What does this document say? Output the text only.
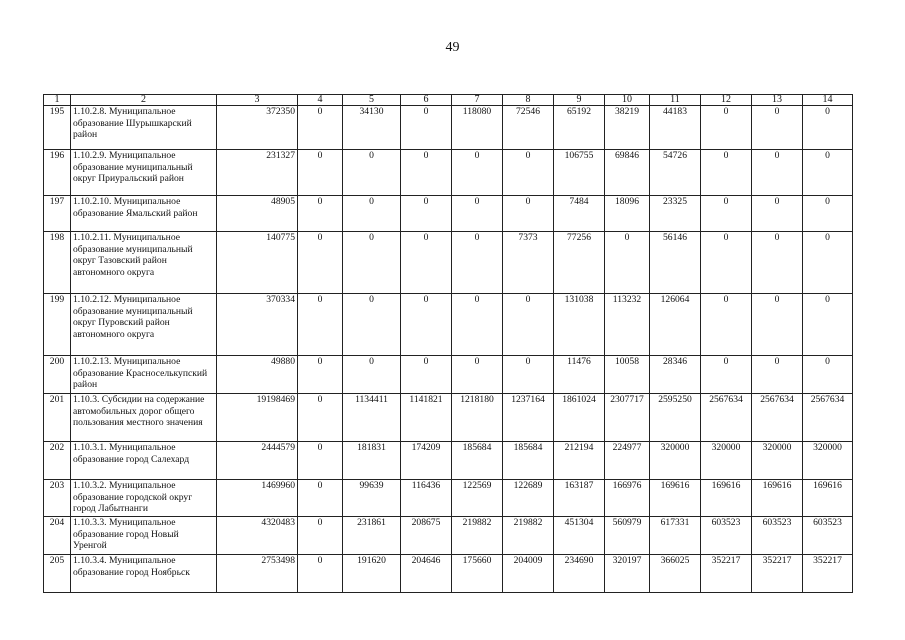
49
1	2	3	4	5	6	7	8	9	10	11	12	13	14
195	1.10.2.8. Муниципальное образование Шурышкарский район	372350	0	34130	0	118080	72546	65192	38219	44183	0	0	0
196	1.10.2.9. Муниципальное образование муниципальный округ Приуральский район	231327	0	0	0	0	0	106755	69846	54726	0	0	0
197	1.10.2.10. Муниципальное образование Ямальский район	48905	0	0	0	0	0	7484	18096	23325	0	0	0
198	1.10.2.11. Муниципальное образование муниципальный округ Тазовский район автономного округа	140775	0	0	0	0	7373	77256	0	56146	0	0	0
199	1.10.2.12. Муниципальное образование муниципальный округ Пуровский район автономного округа	370334	0	0	0	0	0	131038	113232	126064	0	0	0
200	1.10.2.13. Муниципальное образование Красноселькупский район	49880	0	0	0	0	0	11476	10058	28346	0	0	0
201	1.10.3. Субсидии на содержание автомобильных дорог общего пользования местного значения	19198469	0	1134411	1141821	1218180	1237164	1861024	2307717	2595250	2567634	2567634	2567634
202	1.10.3.1. Муниципальное образование город Салехард	2444579	0	181831	174209	185684	185684	212194	224977	320000	320000	320000	320000
203	1.10.3.2. Муниципальное образование городской округ город Лабытнанги	1469960	0	99639	116436	122569	122689	163187	166976	169616	169616	169616	169616
204	1.10.3.3. Муниципальное образование город Новый Уренгой	4320483	0	231861	208675	219882	219882	451304	560979	617331	603523	603523	603523
205	1.10.3.4. Муниципальное образование город Ноябрьск	2753498	0	191620	204646	175660	204009	234690	320197	366025	352217	352217	352217
